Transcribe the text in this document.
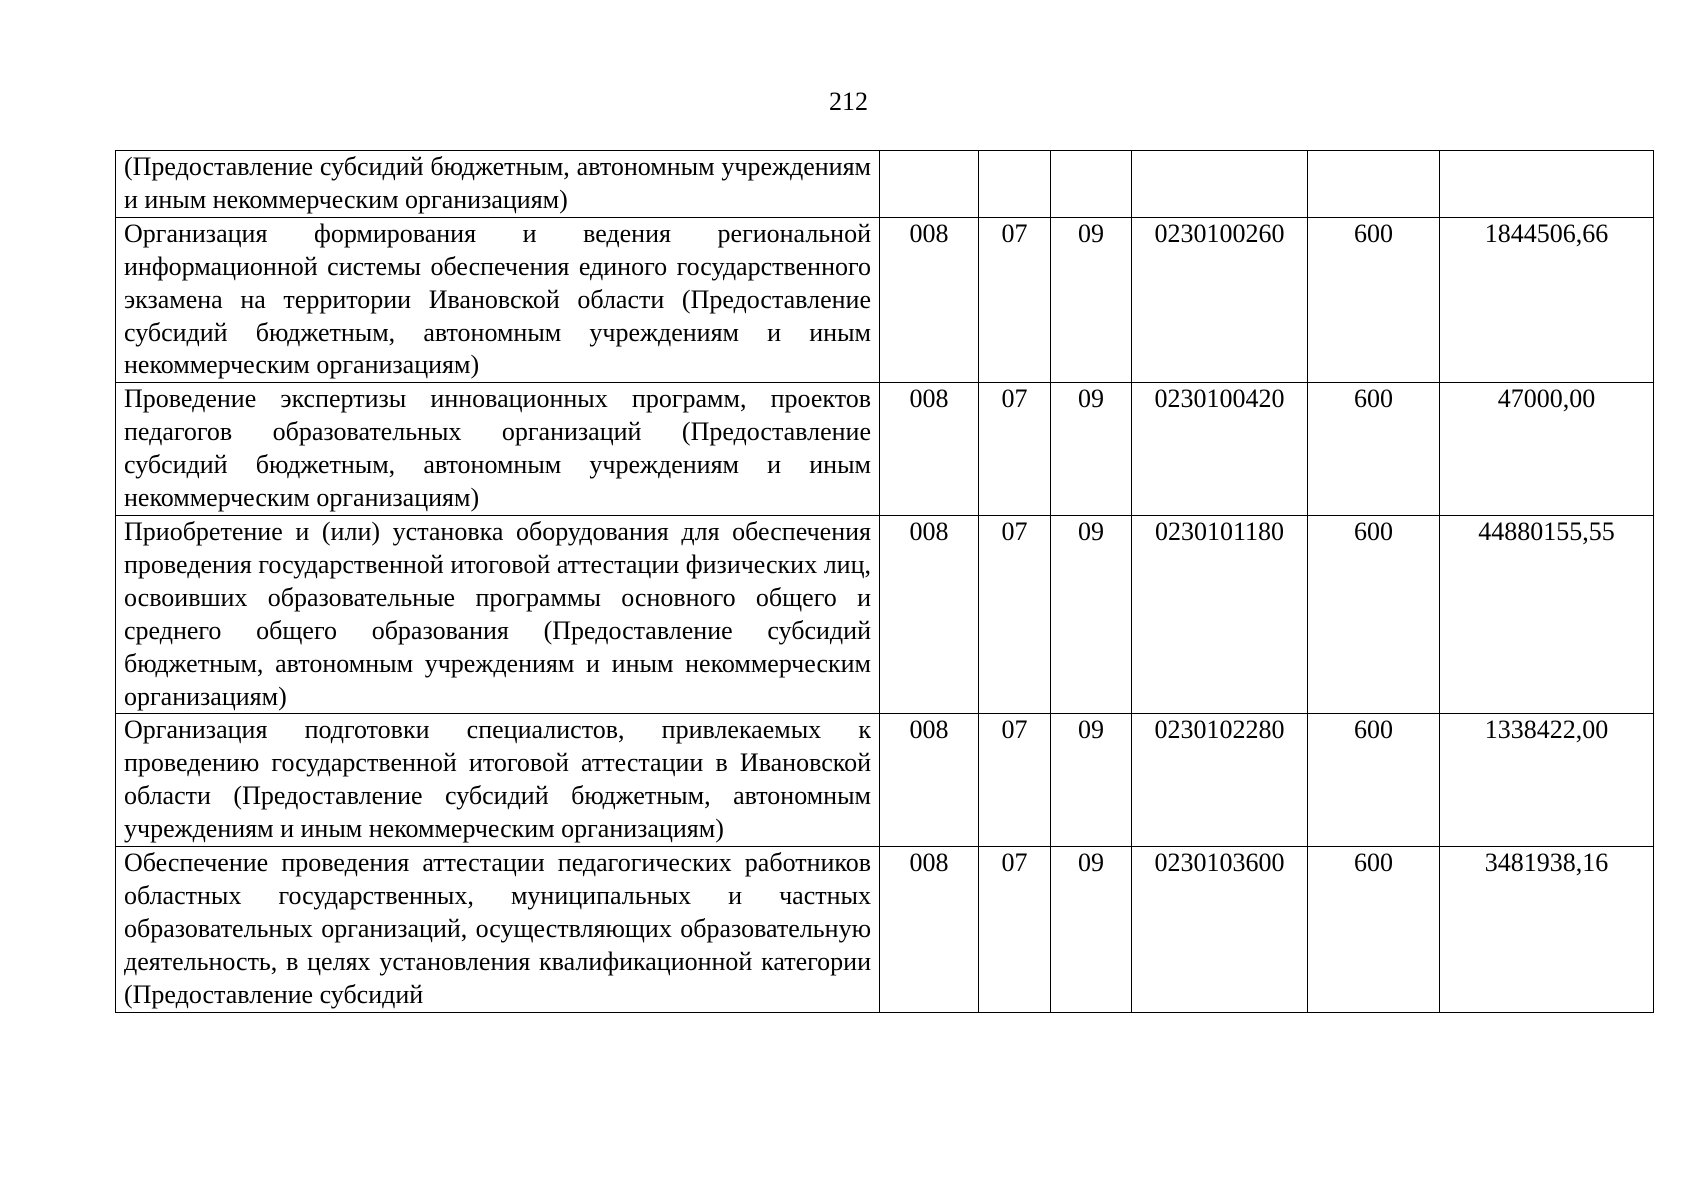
212
(Предоставление субсидий бюджетным, автономным учреждениям и иным некоммерческим организациям)						
Организация формирования и ведения региональной информационной системы обеспечения единого государственного экзамена на территории Ивановской области (Предоставление субсидий бюджетным, автономным учреждениям и иным некоммерческим организациям)	008	07	09	0230100260	600	1844506,66
Проведение экспертизы инновационных программ, проектов педагогов образовательных организаций (Предоставление субсидий бюджетным, автономным учреждениям и иным некоммерческим организациям)	008	07	09	0230100420	600	47000,00
Приобретение и (или) установка оборудования для обеспечения проведения государственной итоговой аттестации физических лиц, освоивших образовательные программы основного общего и среднего общего образования (Предоставление субсидий бюджетным, автономным учреждениям и иным некоммерческим организациям)	008	07	09	0230101180	600	44880155,55
Организация подготовки специалистов, привлекаемых к проведению государственной итоговой аттестации в Ивановской области (Предоставление субсидий бюджетным, автономным учреждениям и иным некоммерческим организациям)	008	07	09	0230102280	600	1338422,00
Обеспечение проведения аттестации педагогических работников областных государственных, муниципальных и частных образовательных организаций, осуществляющих образовательную деятельность, в целях установления квалификационной категории (Предоставление субсидий	008	07	09	0230103600	600	3481938,16
